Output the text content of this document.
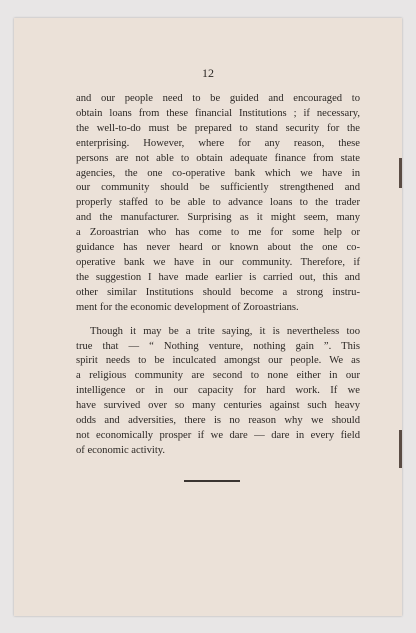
12
and our people need to be guided and encouraged to
obtain loans from these financial Institutions ; if necessary,
the well-to-do must be prepared to stand security for the
enterprising. However, where for any reason, these
persons are not able to obtain adequate finance from state
agencies, the one co-operative bank which we have in
our community should be sufficiently strengthened and
properly staffed to be able to advance loans to the trader
and the manufacturer. Surprising as it might seem, many
a Zoroastrian who has come to me for some help or
guidance has never heard or known about the one co-
operative bank we have in our community. Therefore, if
the suggestion I have made earlier is carried out, this and
other similar Institutions should become a strong instru-
ment for the economic development of Zoroastrians.
Though it may be a trite saying, it is nevertheless too
true that — “ Nothing venture, nothing gain ”. This
spirit needs to be inculcated amongst our people. We as
a religious community are second to none either in our
intelligence or in our capacity for hard work. If we
have survived over so many centuries against such heavy
odds and adversities, there is no reason why we should
not economically prosper if we dare — dare in every field
of economic activity.
